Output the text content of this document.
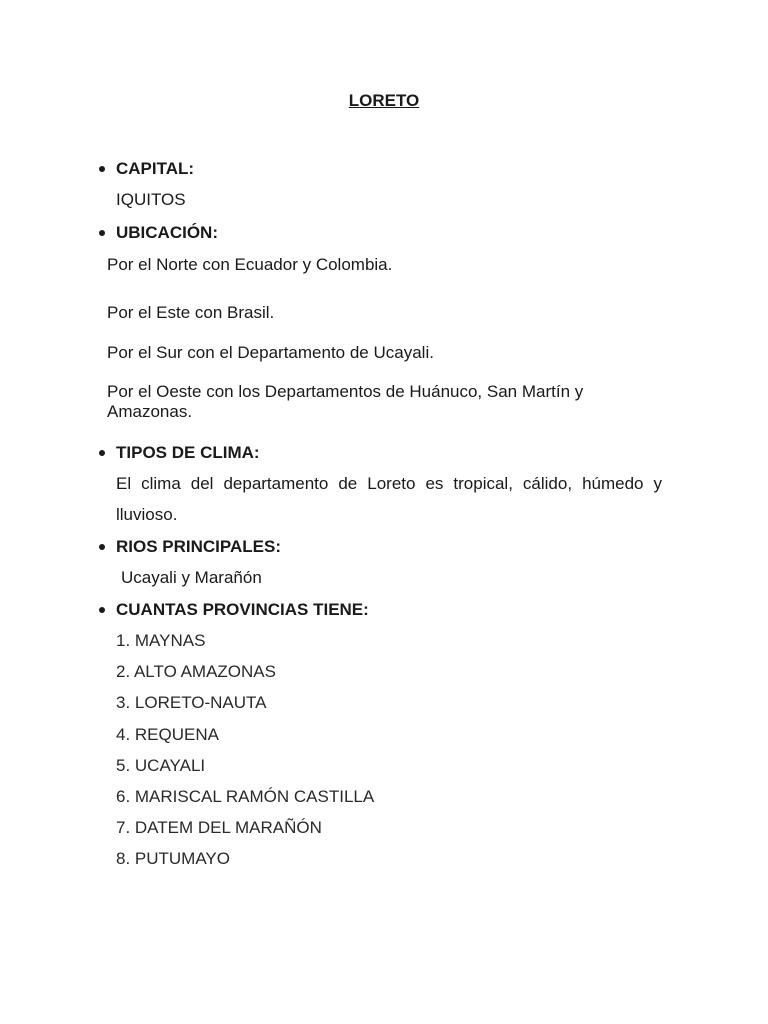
LORETO
CAPITAL:
IQUITOS
UBICACIÓN:
Por el Norte con Ecuador y Colombia.
Por el Este con Brasil.
Por el Sur con el Departamento de Ucayali.
Por el Oeste con los Departamentos de Huánuco, San Martín y
Amazonas.
TIPOS DE CLIMA:
El clima del departamento de Loreto es tropical, cálido, húmedo y
lluvioso.
RIOS PRINCIPALES:
Ucayali y Marañón
CUANTAS PROVINCIAS TIENE:
1. MAYNAS
2. ALTO AMAZONAS
3. LORETO-NAUTA
4. REQUENA
5. UCAYALI
6. MARISCAL RAMÓN CASTILLA
7. DATEM DEL MARAÑÓN
8. PUTUMAYO
